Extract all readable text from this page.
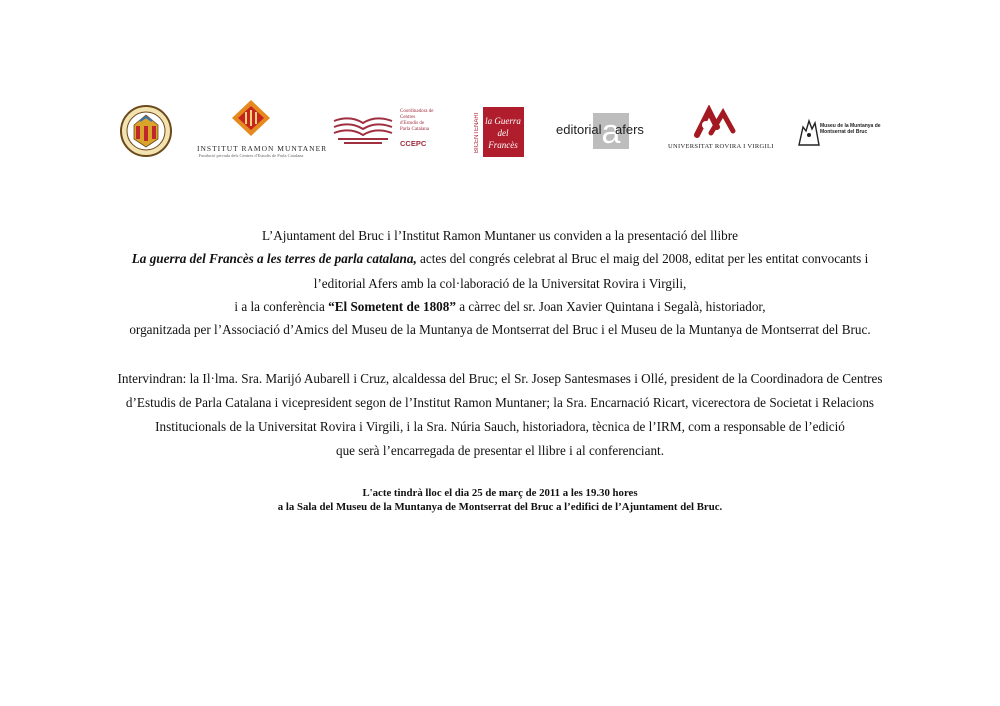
INSTITUT RAMON MUNTANER
Fundació privada dels Centres d'Estudis de Parla Catalana
Coordinadora de Centres d'Estudis de Parla Catalana
CCEPC	BICENTENARI la Guerra
del
Francès a
editorial afers
UNIVERSITAT ROVIRA I VIRGILI
Museu de la Muntanya de Montserrat del Bruc
L’Ajuntament del Bruc i l’Institut Ramon Muntaner us conviden a la presentació del llibre
La guerra del Francès a les terres de parla catalana, actes del congrés celebrat al Bruc el maig del 2008, editat per les entitat convocants i
l’editorial Afers amb la col·laboració de la Universitat Rovira i Virgili,
i a la conferència “El Sometent de 1808” a càrrec del sr. Joan Xavier Quintana i Segalà, historiador,
organitzada per l’Associació d’Amics del Museu de la Muntanya de Montserrat del Bruc i el Museu de la Muntanya de Montserrat del Bruc.
Intervindran: la Il·lma. Sra. Marijó Aubarell i Cruz, alcaldessa del Bruc; el Sr. Josep Santesmases i Ollé, president de la Coordinadora de Centres
d’Estudis de Parla Catalana i vicepresident segon de l’Institut Ramon Muntaner; la Sra. Encarnació Ricart, vicerectora de Societat i Relacions
Institucionals de la Universitat Rovira i Virgili, i la Sra. Núria Sauch, historiadora, tècnica de l’IRM, com a responsable de l’edició
que serà l’encarregada de presentar el llibre i al conferenciant.
L'acte tindrà lloc el dia 25 de març de 2011 a les 19.30 hores
a la Sala del Museu de la Muntanya de Montserrat del Bruc a l’edifici de l’Ajuntament del Bruc.
